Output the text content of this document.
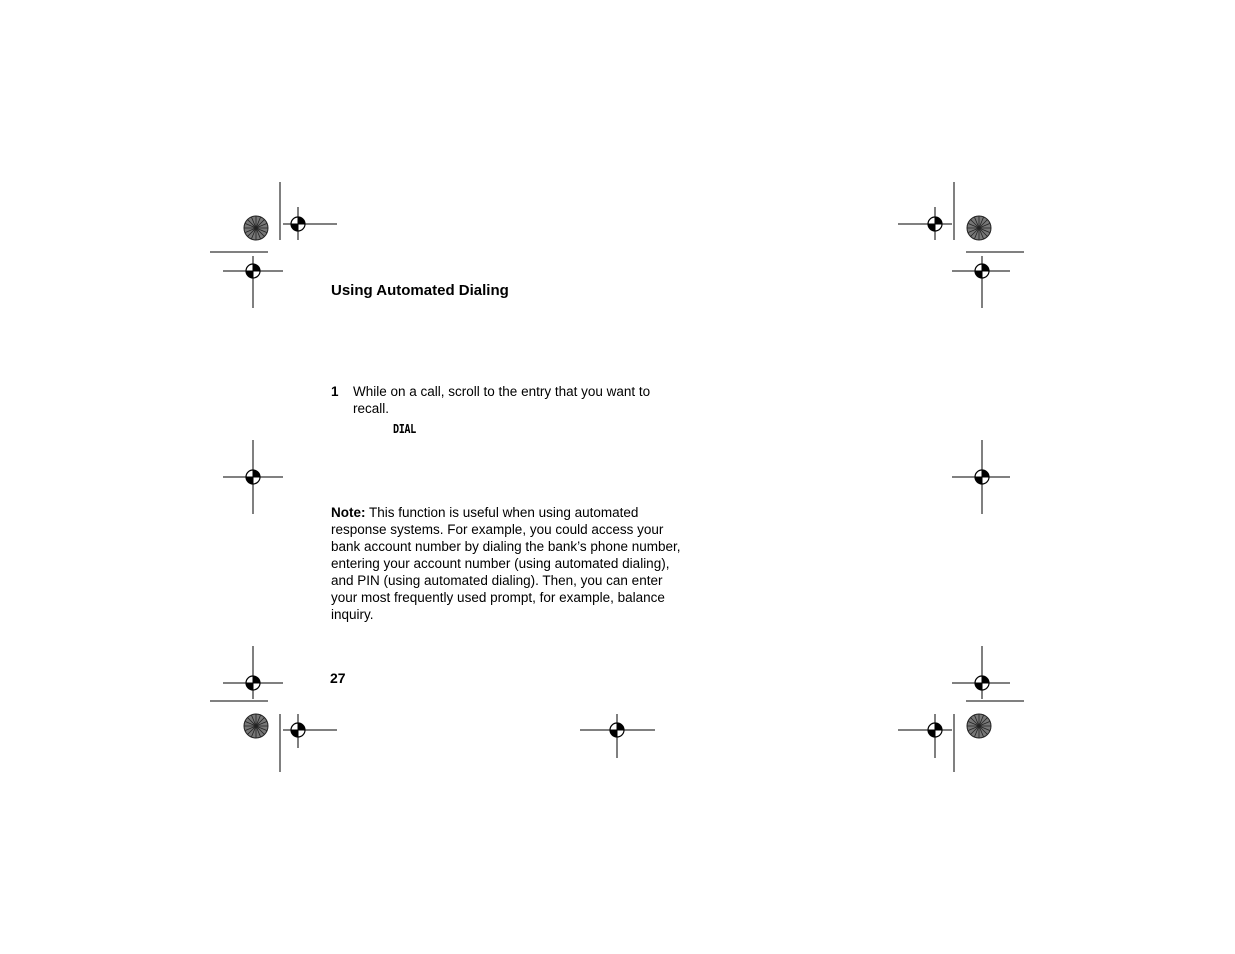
Using Automated Dialing
1 While on a call, scroll to the entry that you want to recall.
DIAL
Note: This function is useful when using automated response systems. For example, you could access your bank account number by dialing the bank’s phone number, entering your account number (using automated dialing), and PIN (using automated dialing). Then, you can enter your most frequently used prompt, for example, balance inquiry.
27
